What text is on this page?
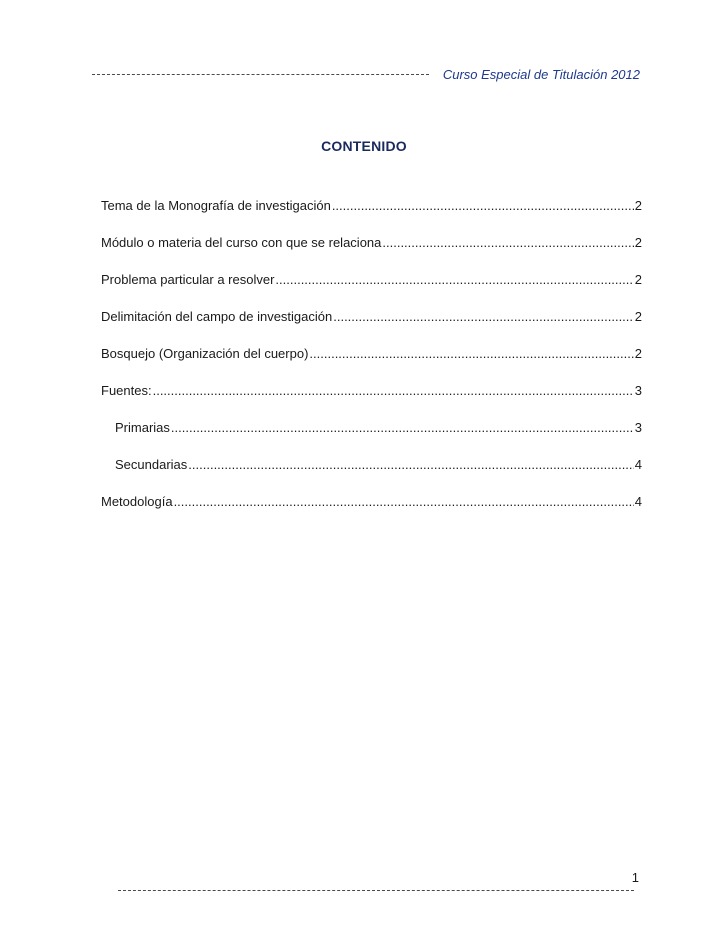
Curso Especial de Titulación 2012
CONTENIDO
Tema de la Monografía de investigación .....	2
Módulo o materia del curso con que se relaciona .....	2
Problema particular a resolver .....	2
Delimitación del campo de investigación .....	2
Bosquejo (Organización del cuerpo) .....	2
Fuentes: .....	3
Primarias .....	3
Secundarias .....	4
Metodología .....	4
1
